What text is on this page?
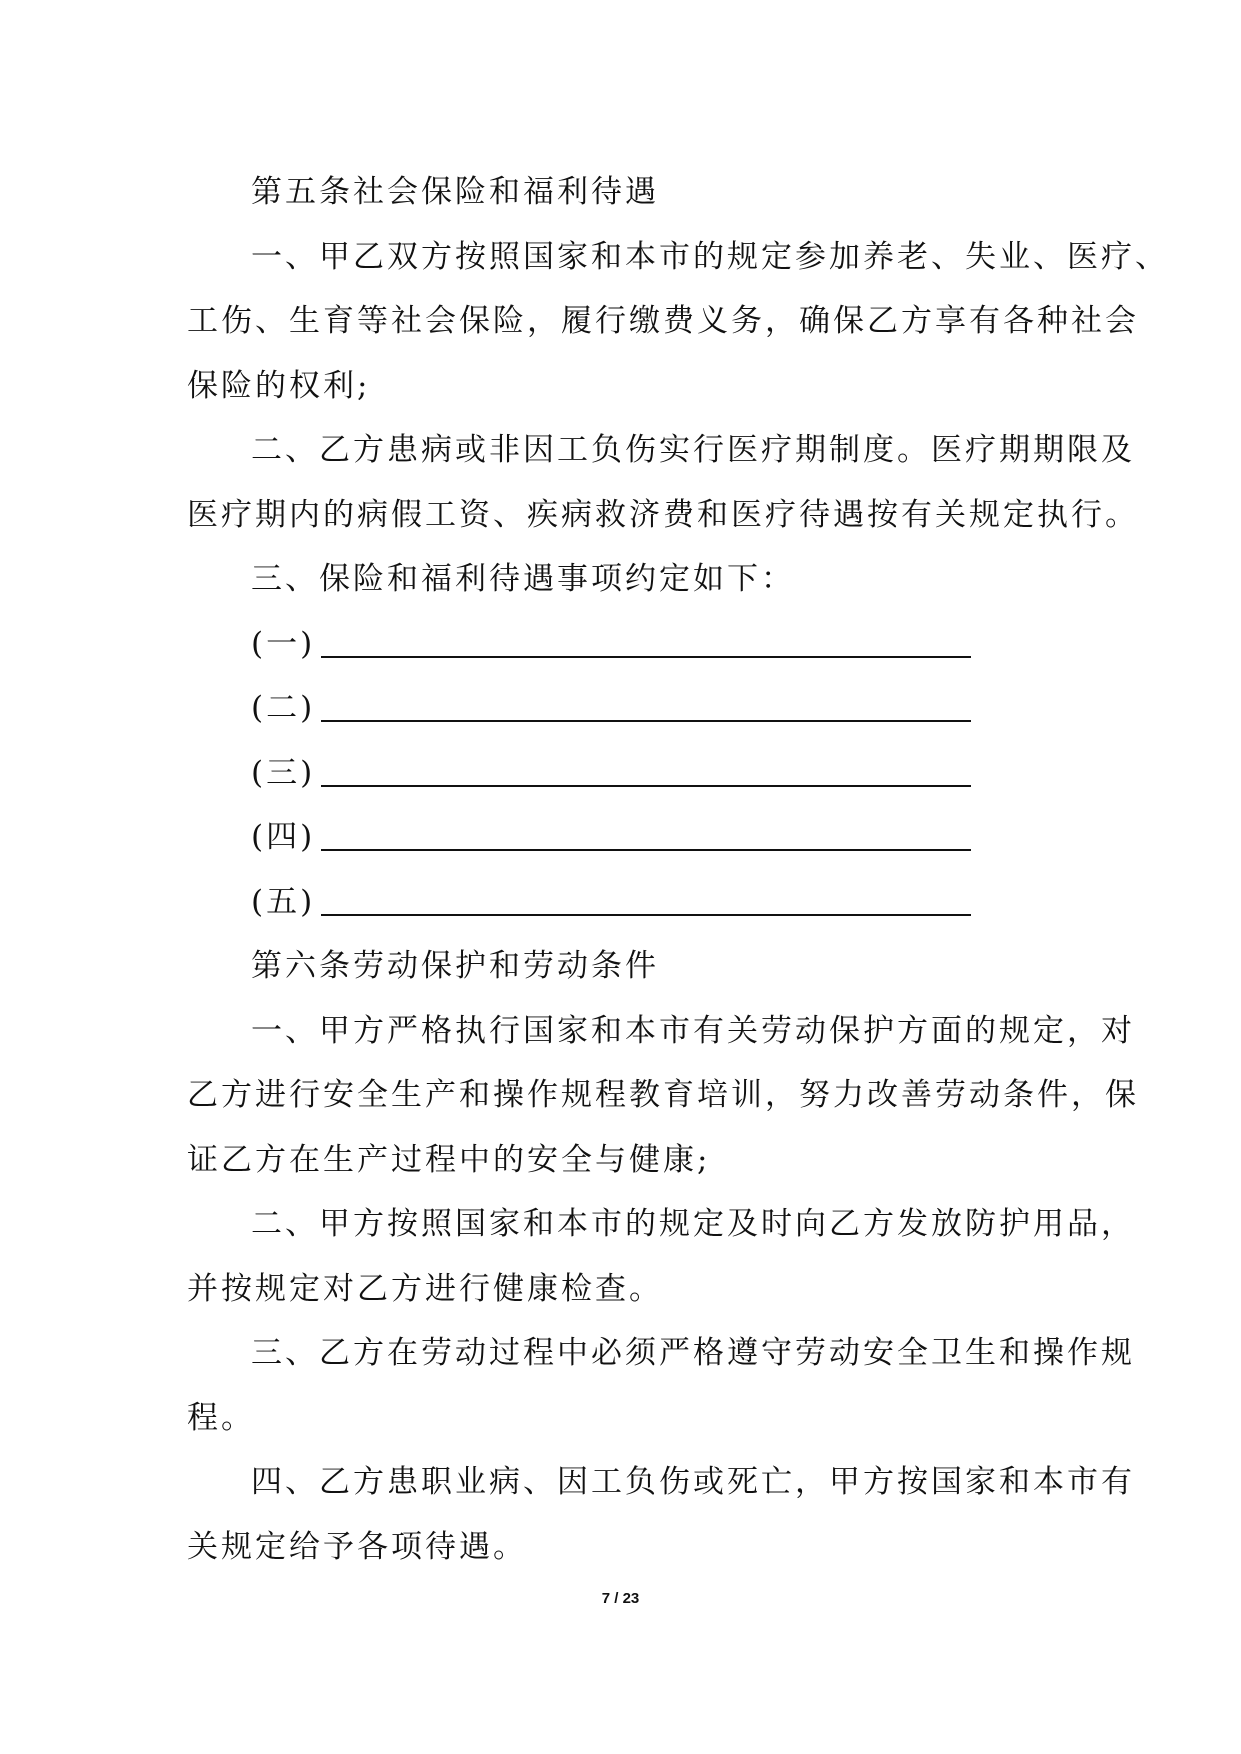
第五条社会保险和福利待遇
一、甲乙双方按照国家和本市的规定参加养老、失业、医疗、
工伤、生育等社会保险，履行缴费义务，确保乙方享有各种社会
保险的权利;
二、乙方患病或非因工负伤实行医疗期制度。医疗期期限及
医疗期内的病假工资、疾病救济费和医疗待遇按有关规定执行。
三、保险和福利待遇事项约定如下：
(一)
(二)
(三)
(四)
(五)
第六条劳动保护和劳动条件
一、甲方严格执行国家和本市有关劳动保护方面的规定，对
乙方进行安全生产和操作规程教育培训，努力改善劳动条件，保
证乙方在生产过程中的安全与健康;
二、甲方按照国家和本市的规定及时向乙方发放防护用品，
并按规定对乙方进行健康检查。
三、乙方在劳动过程中必须严格遵守劳动安全卫生和操作规
程。
四、乙方患职业病、因工负伤或死亡，甲方按国家和本市有
关规定给予各项待遇。
7 / 23
